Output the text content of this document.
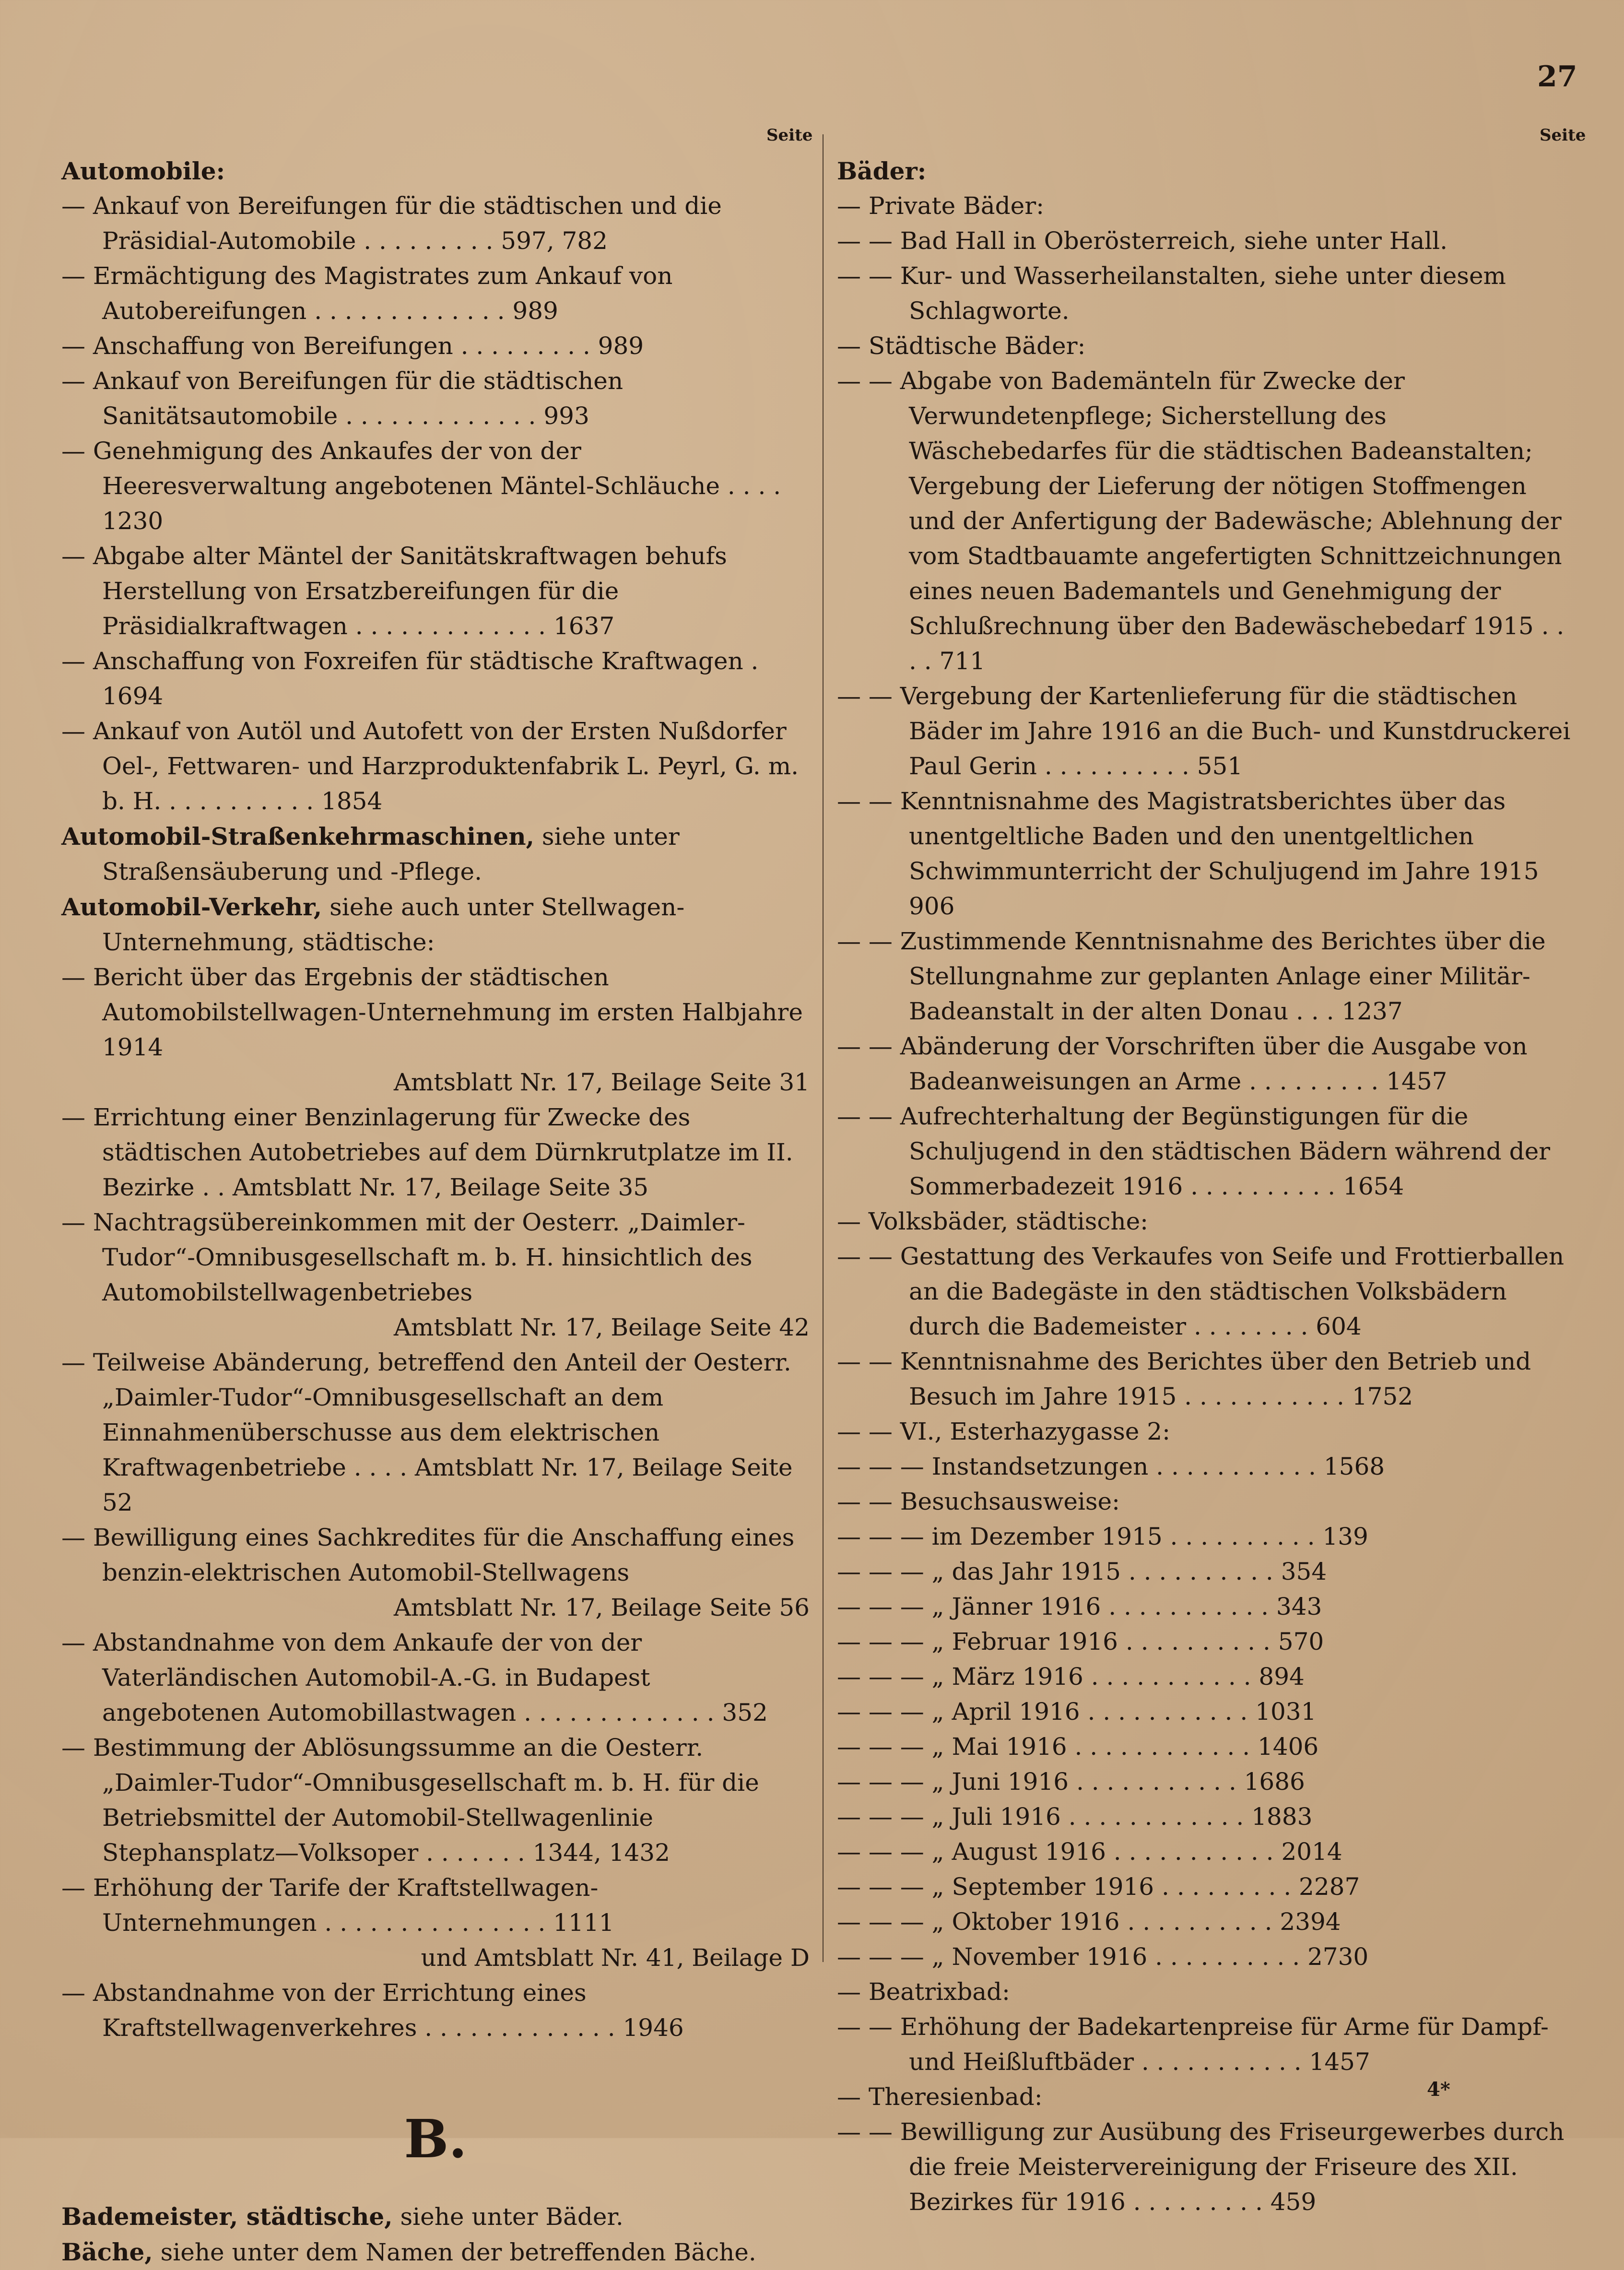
27
Seite	Seite
Automobile:
— Ankauf von Bereifungen für die städtischen und die Präsidial-Automobile . . . . . . . . . 597, 782
— Ermächtigung des Magistrates zum Ankauf von Autobereifungen . . . . . . . . . . . . . 989
— Anschaffung von Bereifungen . . . . . . . . . 989
— Ankauf von Bereifungen für die städtischen Sanitätsautomobile . . . . . . . . . . . . . 993
— Genehmigung des Ankaufes der von der Heeresverwaltung angebotenen Mäntel-Schläuche . . . . 1230
— Abgabe alter Mäntel der Sanitätskraftwagen behufs Herstellung von Ersatzbereifungen für die Präsidialkraftwagen . . . . . . . . . . . . . 1637
— Anschaffung von Foxreifen für städtische Kraftwagen . 1694
— Ankauf von Autöl und Autofett von der Ersten Nußdorfer Oel-, Fettwaren- und Harzproduktenfabrik L. Peyrl, G. m. b. H. . . . . . . . . . . 1854
Automobil-Straßenkehrmaschinen, siehe unter Straßensäuberung und -Pflege.
Automobil-Verkehr, siehe auch unter Stellwagen-Unternehmung, städtische:
— Bericht über das Ergebnis der städtischen Automobilstellwagen-Unternehmung im ersten Halbjahre 1914
Amtsblatt Nr. 17, Beilage Seite 31
— Errichtung einer Benzinlagerung für Zwecke des städtischen Autobetriebes auf dem Dürnkrutplatze im II. Bezirke . . Amtsblatt Nr. 17, Beilage Seite 35
— Nachtragsübereinkommen mit der Oesterr. „Daimler-Tudor“-Omnibusgesellschaft m. b. H. hinsichtlich des Automobilstellwagenbetriebes
Amtsblatt Nr. 17, Beilage Seite 42
— Teilweise Abänderung, betreffend den Anteil der Oesterr. „Daimler-Tudor“-Omnibusgesellschaft an dem Einnahmenüberschusse aus dem elektrischen Kraftwagenbetriebe . . . . Amtsblatt Nr. 17, Beilage Seite 52
— Bewilligung eines Sachkredites für die Anschaffung eines benzin-elektrischen Automobil-Stellwagens
Amtsblatt Nr. 17, Beilage Seite 56
— Abstandnahme von dem Ankaufe der von der Vaterländischen Automobil-A.-G. in Budapest angebotenen Automobillastwagen . . . . . . . . . . . . . 352
— Bestimmung der Ablösungssumme an die Oesterr. „Daimler-Tudor“-Omnibusgesellschaft m. b. H. für die Betriebsmittel der Automobil-Stellwagenlinie Stephansplatz—Volksoper . . . . . . . 1344, 1432
— Erhöhung der Tarife der Kraftstellwagen-Unternehmungen . . . . . . . . . . . . . . . 1111
und Amtsblatt Nr. 41, Beilage D
— Abstandnahme von der Errichtung eines Kraftstellwagenverkehres . . . . . . . . . . . . . 1946
B.
Bademeister, städtische, siehe unter Bäder.
Bäche, siehe unter dem Namen der betreffenden Bäche.
Bäder:
— Private Bäder:
— — Bad Hall in Oberösterreich, siehe unter Hall.
— — Kur- und Wasserheilanstalten, siehe unter diesem Schlagworte.
— Städtische Bäder:
— — Abgabe von Bademänteln für Zwecke der Verwundetenpflege; Sicherstellung des Wäschebedarfes für die städtischen Badeanstalten; Vergebung der Lieferung der nötigen Stoffmengen und der Anfertigung der Badewäsche; Ablehnung der vom Stadtbauamte angefertigten Schnittzeichnungen eines neuen Bademantels und Genehmigung der Schlußrechnung über den Badewäschebedarf 1915 . . . . 711
— — Vergebung der Kartenlieferung für die städtischen Bäder im Jahre 1916 an die Buch- und Kunstdruckerei Paul Gerin . . . . . . . . . . 551
— — Kenntnisnahme des Magistratsberichtes über das unentgeltliche Baden und den unentgeltlichen Schwimmunterricht der Schuljugend im Jahre 1915 906
— — Zustimmende Kenntnisnahme des Berichtes über die Stellungnahme zur geplanten Anlage einer Militär-Badeanstalt in der alten Donau . . . 1237
— — Abänderung der Vorschriften über die Ausgabe von Badeanweisungen an Arme . . . . . . . . . 1457
— — Aufrechterhaltung der Begünstigungen für die Schuljugend in den städtischen Bädern während der Sommerbadezeit 1916 . . . . . . . . . . 1654
— Volksbäder, städtische:
— — Gestattung des Verkaufes von Seife und Frottierballen an die Badegäste in den städtischen Volksbädern durch die Bademeister . . . . . . . . 604
— — Kenntnisnahme des Berichtes über den Betrieb und Besuch im Jahre 1915 . . . . . . . . . . . 1752
— — VI., Esterhazygasse 2:
— — — Instandsetzungen . . . . . . . . . . . 1568
— — Besuchsausweise:
— — — im Dezember 1915 . . . . . . . . . . 139
— — — „ das Jahr 1915 . . . . . . . . . . 354
— — — „ Jänner 1916 . . . . . . . . . . . 343
— — — „ Februar 1916 . . . . . . . . . . 570
— — — „ März 1916 . . . . . . . . . . . 894
— — — „ April 1916 . . . . . . . . . . . 1031
— — — „ Mai 1916 . . . . . . . . . . . . 1406
— — — „ Juni 1916 . . . . . . . . . . . 1686
— — — „ Juli 1916 . . . . . . . . . . . . 1883
— — — „ August 1916 . . . . . . . . . . . 2014
— — — „ September 1916 . . . . . . . . . 2287
— — — „ Oktober 1916 . . . . . . . . . . 2394
— — — „ November 1916 . . . . . . . . . . 2730
— Beatrixbad:
— — Erhöhung der Badekartenpreise für Arme für Dampf- und Heißluftbäder . . . . . . . . . . . 1457
— Theresienbad:
— — Bewilligung zur Ausübung des Friseurgewerbes durch die freie Meistervereinigung der Friseure des XII. Bezirkes für 1916 . . . . . . . . . 459
4*
